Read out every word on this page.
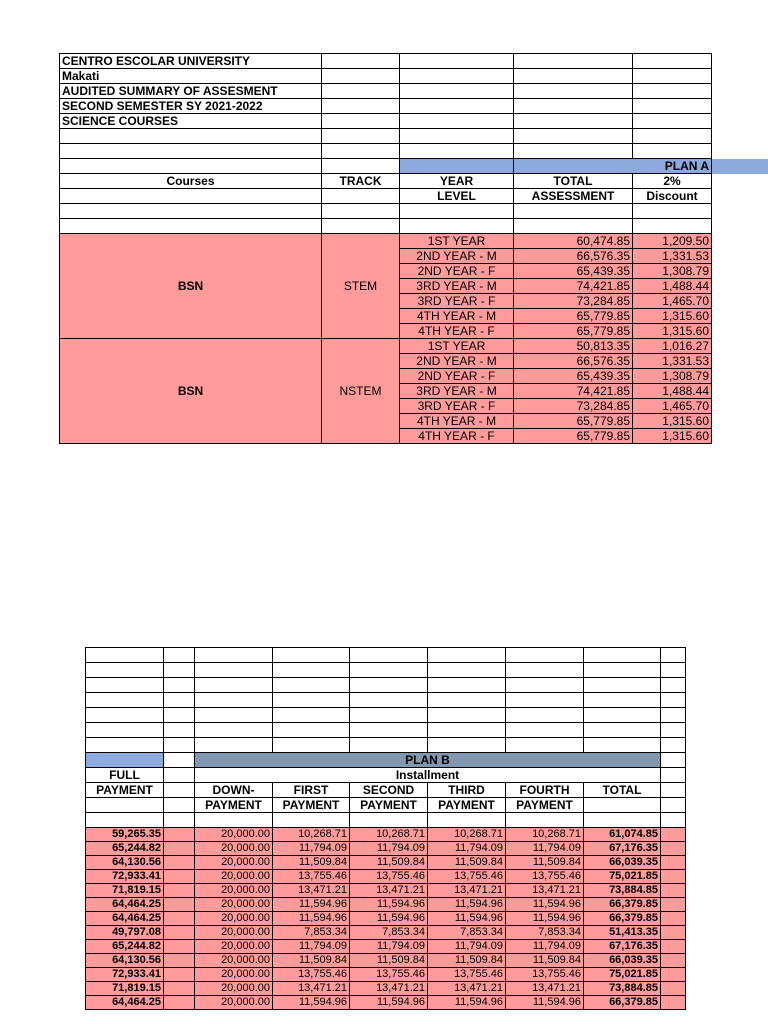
CENTRO ESCOLAR UNIVERSITY				
Makati				
AUDITED SUMMARY OF ASSESMENT				
SECOND SEMESTER SY 2021-2022				
SCIENCE COURSES				

			PLAN A	
Courses	TRACK	YEAR	TOTAL	2%
		LEVEL	ASSESSMENT	Discount

BSN	STEM	1ST YEAR	60,474.85	1,209.50
		2ND YEAR - M	66,576.35	1,331.53
		2ND YEAR - F	65,439.35	1,308.79
		3RD YEAR - M	74,421.85	1,488.44
		3RD YEAR - F	73,284.85	1,465.70
		4TH YEAR - M	65,779.85	1,315.60
		4TH YEAR - F	65,779.85	1,315.60
BSN	NSTEM	1ST YEAR	50,813.35	1,016.27
		2ND YEAR - M	66,576.35	1,331.53
		2ND YEAR - F	65,439.35	1,308.79
		3RD YEAR - M	74,421.85	1,488.44
		3RD YEAR - F	73,284.85	1,465.70
		4TH YEAR - M	65,779.85	1,315.60
		4TH YEAR - F	65,779.85	1,315.60

		PLAN B						
FULL		Installment						
PAYMENT		DOWN-	FIRST	SECOND	THIRD	FOURTH	TOTAL	
		PAYMENT	PAYMENT	PAYMENT	PAYMENT	PAYMENT		

59,265.35		20,000.00	10,268.71	10,268.71	10,268.71	10,268.71	61,074.85	
65,244.82		20,000.00	11,794.09	11,794.09	11,794.09	11,794.09	67,176.35	
64,130.56		20,000.00	11,509.84	11,509.84	11,509.84	11,509.84	66,039.35	
72,933.41		20,000.00	13,755.46	13,755.46	13,755.46	13,755.46	75,021.85	
71,819.15		20,000.00	13,471.21	13,471.21	13,471.21	13,471.21	73,884.85	
64,464.25		20,000.00	11,594.96	11,594.96	11,594.96	11,594.96	66,379.85	
64,464.25		20,000.00	11,594.96	11,594.96	11,594.96	11,594.96	66,379.85	
49,797.08		20,000.00	7,853.34	7,853.34	7,853.34	7,853.34	51,413.35	
65,244.82		20,000.00	11,794.09	11,794.09	11,794.09	11,794.09	67,176.35	
64,130.56		20,000.00	11,509.84	11,509.84	11,509.84	11,509.84	66,039.35	
72,933.41		20,000.00	13,755.46	13,755.46	13,755.46	13,755.46	75,021.85	
71,819.15		20,000.00	13,471.21	13,471.21	13,471.21	13,471.21	73,884.85	
64,464.25		20,000.00	11,594.96	11,594.96	11,594.96	11,594.96	66,379.85	
